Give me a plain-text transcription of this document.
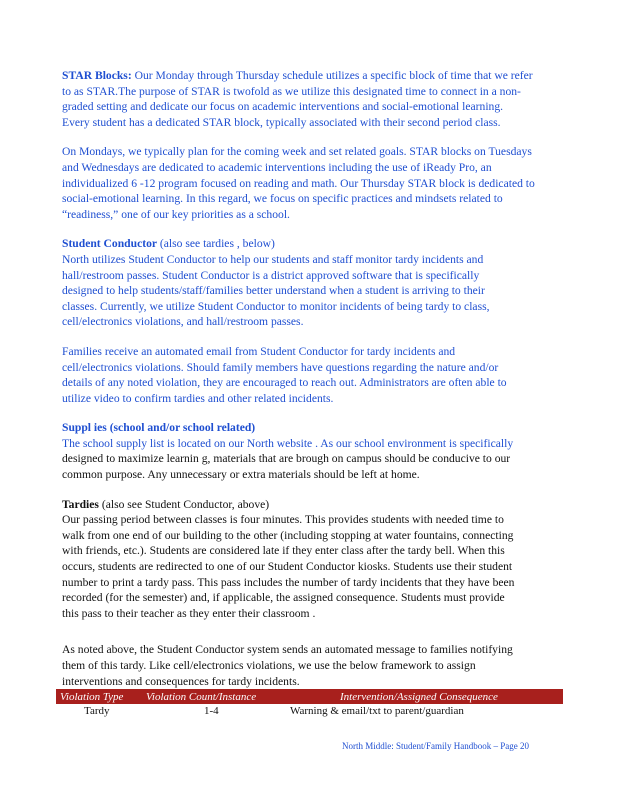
STAR Blocks: Our Monday through Thursday schedule utilizes a specific block of time that we refer
to as STAR.The purpose of STAR is twofold as we utilize this designated time to connect in a non-
graded setting and dedicate our focus on academic interventions and social-emotional learning.
Every student has a dedicated STAR block, typically associated with their second period class.
On Mondays, we typically plan for the coming week and set related goals. STAR blocks on Tuesdays
and Wednesdays are dedicated to academic interventions including the use of iReady Pro, an
individualized 6 -12 program focused on reading and math. Our Thursday STAR block is dedicated to
social-emotional learning. In this regard, we focus on specific practices and mindsets related to
“readiness,” one of our key priorities as a school.
Student Conductor (also see tardies , below)
North utilizes Student Conductor to help our students and staff monitor tardy incidents and
hall/restroom passes. Student Conductor is a district approved software that is specifically
designed to help students/staff/families better understand when a student is arriving to their
classes. Currently, we utilize Student Conductor to monitor incidents of being tardy to class,
cell/electronics violations, and hall/restroom passes.
Families receive an automated email from Student Conductor for tardy incidents and
cell/electronics violations. Should family members have questions regarding the nature and/or
details of any noted violation, they are encouraged to reach out. Administrators are often able to
utilize video to confirm tardies and other related incidents.
Suppl ies (school and/or school related)
The school supply list is located on our North website . As our school environment is specifically
designed to maximize learnin g, materials that are brough on campus should be conducive to our
common purpose. Any unnecessary or extra materials should be left at home.
Tardies (also see Student Conductor, above)
Our passing period between classes is four minutes. This provides students with needed time to
walk from one end of our building to the other (including stopping at water fountains, connecting
with friends, etc.). Students are considered late if they enter class after the tardy bell. When this
occurs, students are redirected to one of our Student Conductor kiosks. Students use their student
number to print a tardy pass. This pass includes the number of tardy incidents that they have been
recorded (for the semester) and, if applicable, the assigned consequence. Students must provide
this pass to their teacher as they enter their classroom .
As noted above, the Student Conductor system sends an automated message to families notifying
them of this tardy. Like cell/electronics violations, we use the below framework to assign
interventions and consequences for tardy incidents.
Violation Type	Violation Count/Instance	Intervention/Assigned Consequence
Tardy	1-4	Warning & email/txt to parent/guardian
North Middle: Student/Family Handbook – Page 20
